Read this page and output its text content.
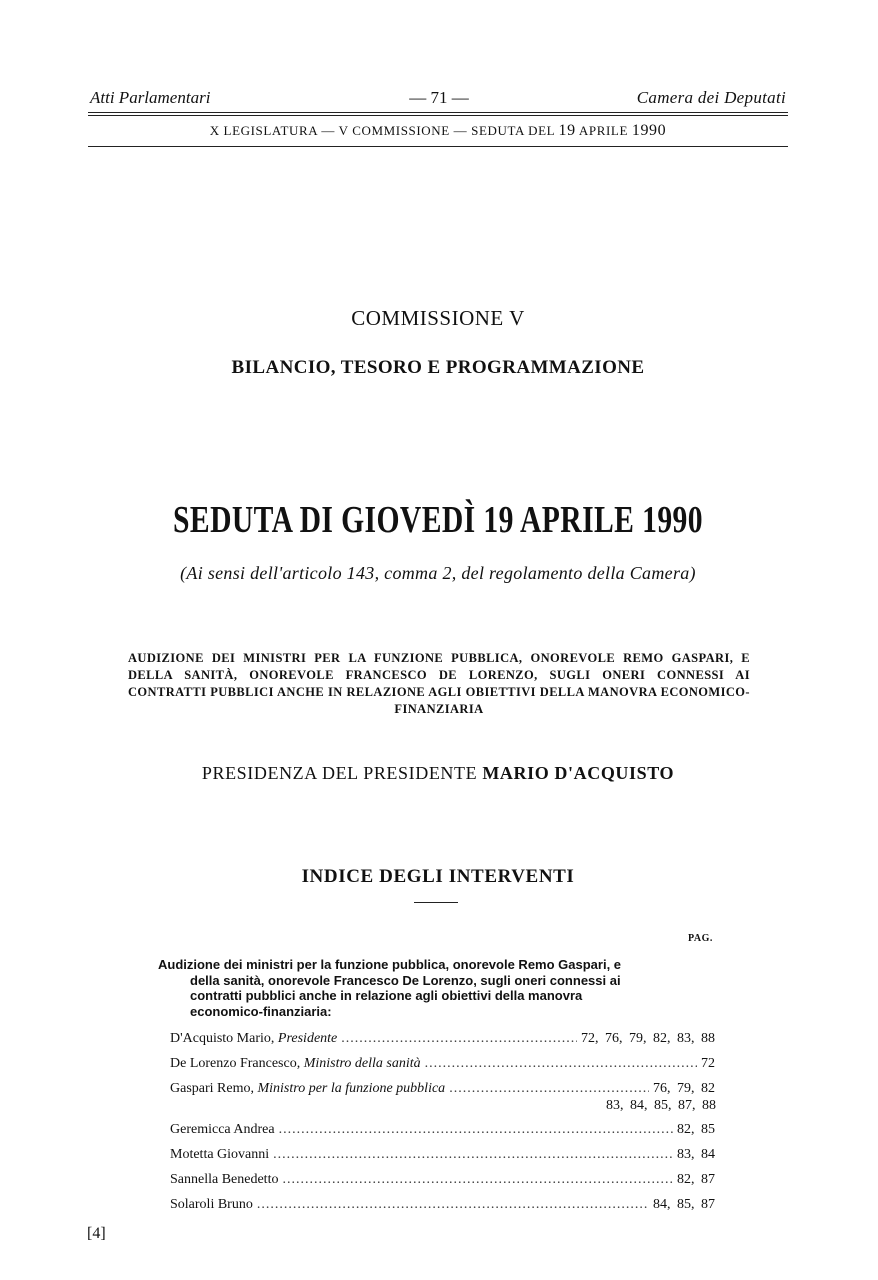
Atti Parlamentari	— 71 —	Camera dei Deputati
X LEGISLATURA — V COMMISSIONE — SEDUTA DEL 19 APRILE 1990
COMMISSIONE V
BILANCIO, TESORO E PROGRAMMAZIONE
SEDUTA DI GIOVEDÌ 19 APRILE 1990
(Ai sensi dell'articolo 143, comma 2, del regolamento della Camera)
AUDIZIONE DEI MINISTRI PER LA FUNZIONE PUBBLICA, ONOREVOLE REMO GASPARI, E DELLA SANITÀ, ONOREVOLE FRANCESCO DE LORENZO, SUGLI ONERI CONNESSI AI CONTRATTI PUBBLICI ANCHE IN RELAZIONE AGLI OBIETTIVI DELLA MANOVRA ECONOMICO-FINANZIARIA
PRESIDENZA DEL PRESIDENTE MARIO D'ACQUISTO
INDICE DEGLI INTERVENTI
PAG.
Audizione dei ministri per la funzione pubblica, onorevole Remo Gaspari, e della sanità, onorevole Francesco De Lorenzo, sugli oneri connessi ai contratti pubblici anche in relazione agli obiettivi della manovra economico-finanziaria:
D'Acquisto Mario, Presidente .....	72, 76, 79, 82, 83, 88
De Lorenzo Francesco, Ministro della sanità .....	72
Gaspari Remo, Ministro per la funzione pubblica .....	76, 79, 82
83, 84, 85, 87, 88
Geremicca Andrea .....	82, 85
Motetta Giovanni .....	83, 84
Sannella Benedetto .....	82, 87
Solaroli Bruno .....	84, 85, 87
[4]
